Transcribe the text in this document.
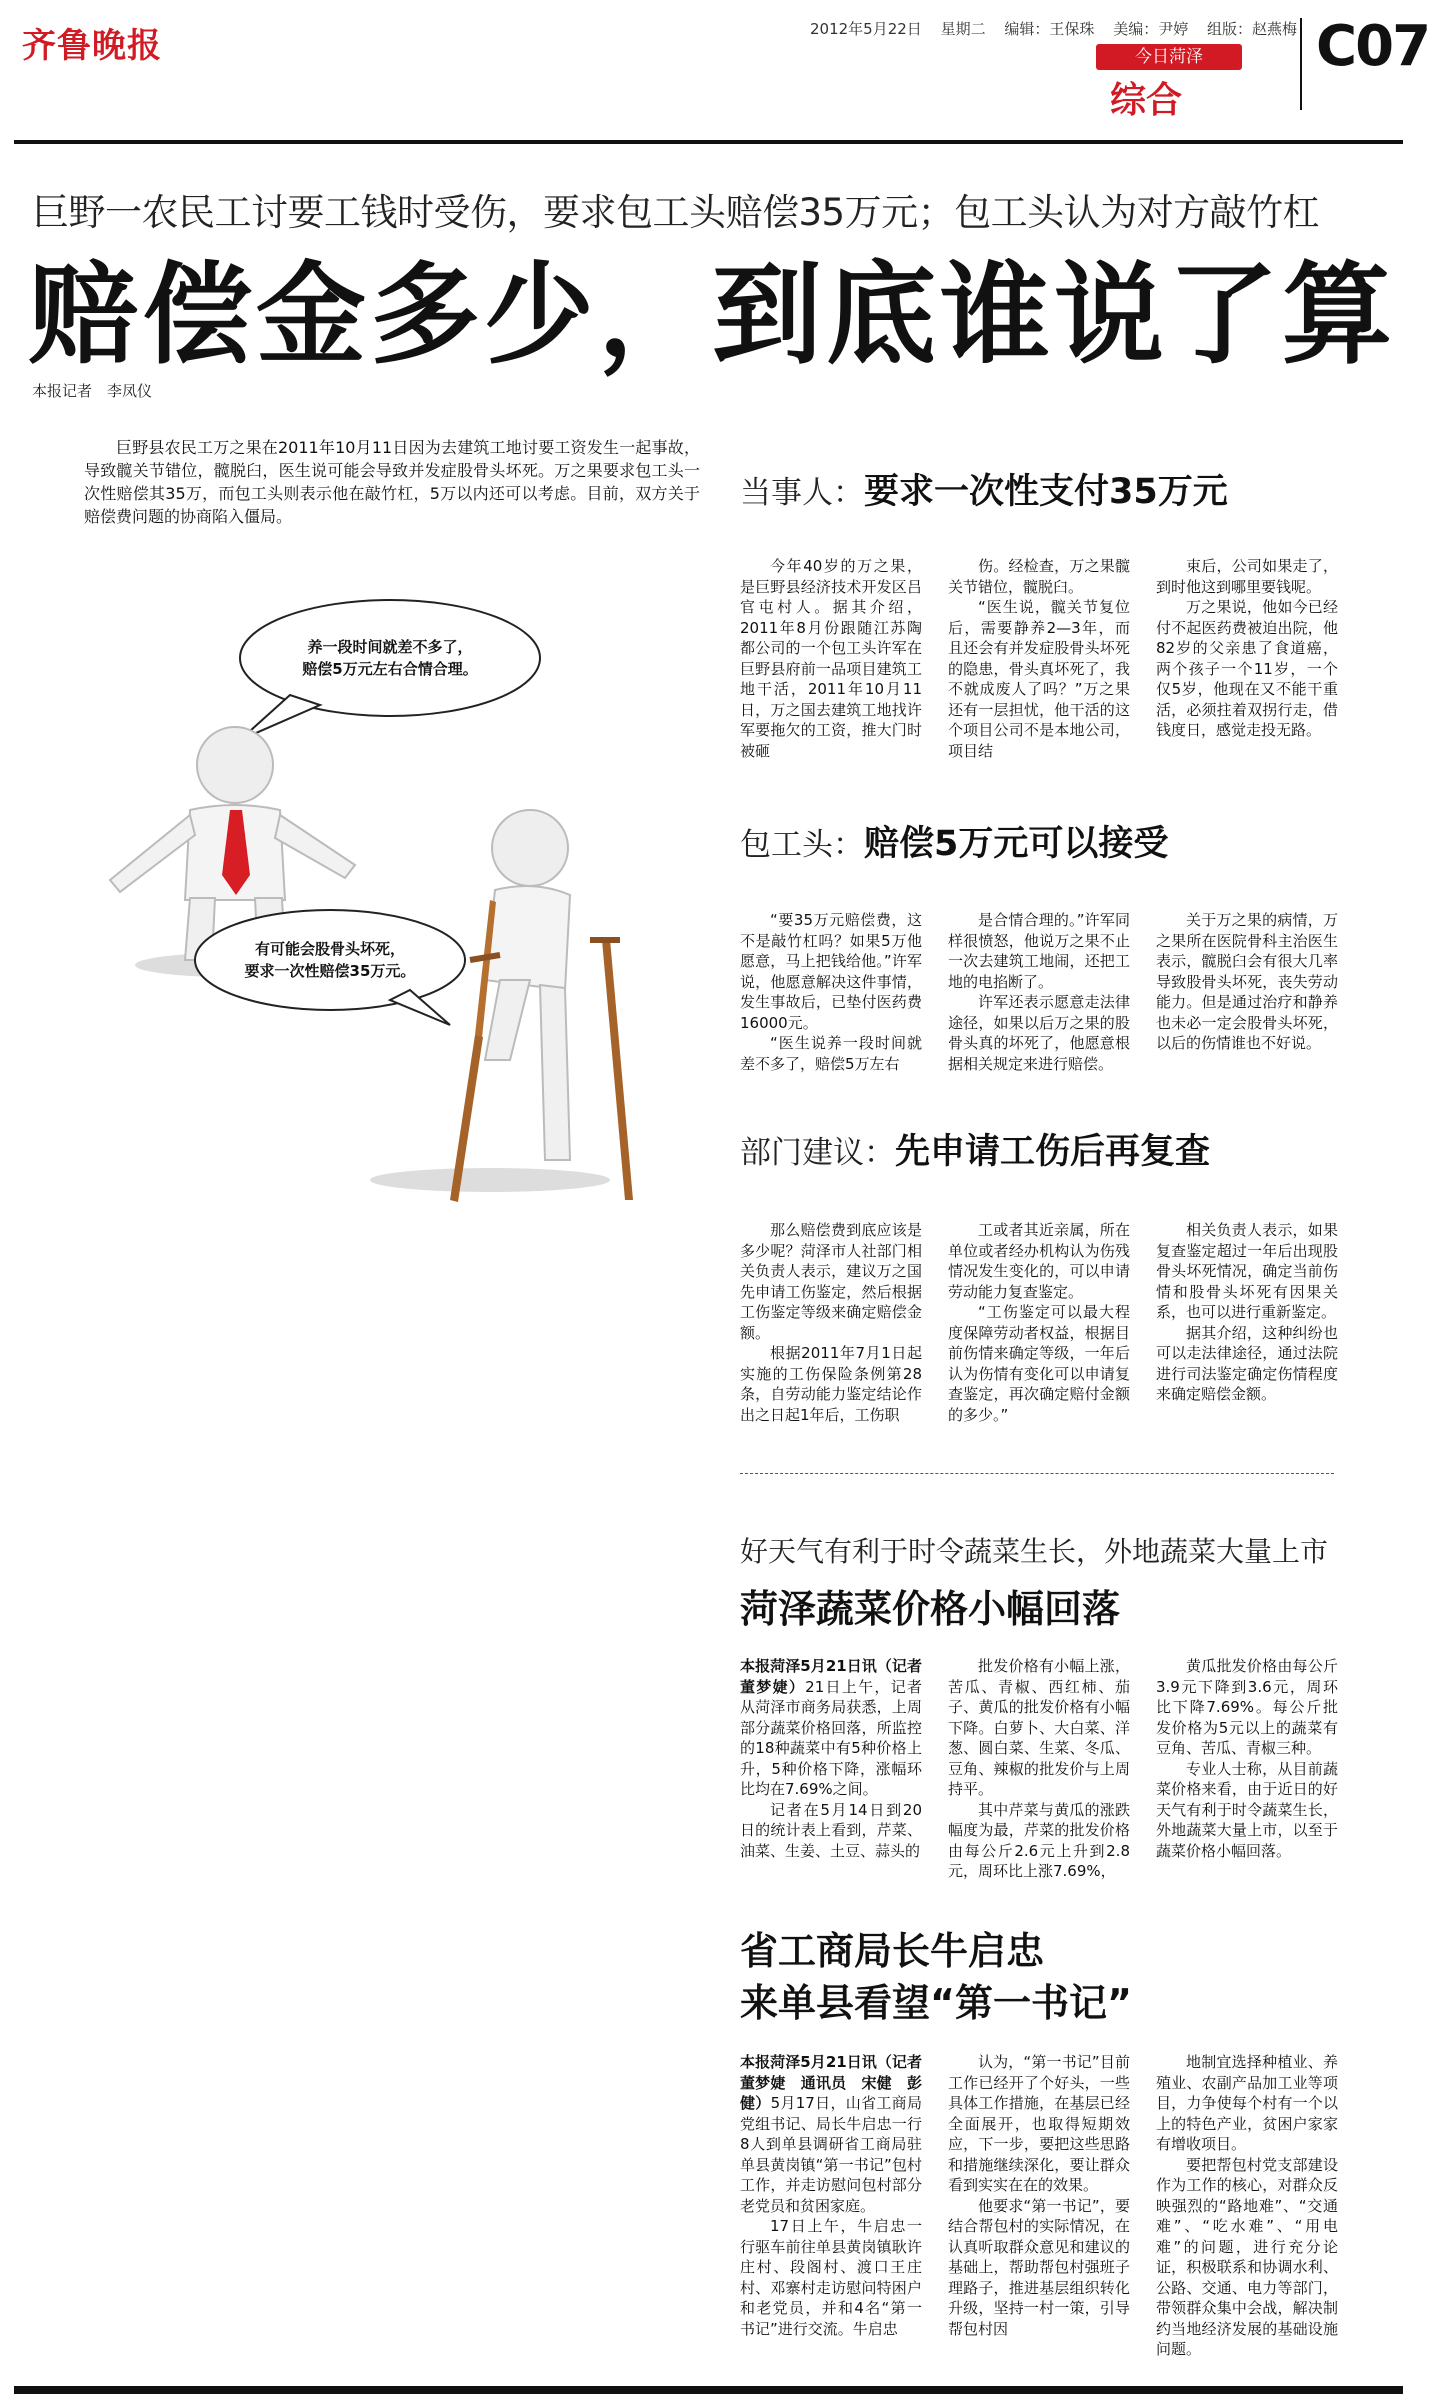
齐鲁晚报	2012年5月22日 星期二 编辑：王保珠 美编：尹婷 组版：赵燕梅
今日菏泽
综合
C07
巨野一农民工讨要工钱时受伤，要求包工头赔偿35万元；包工头认为对方敲竹杠
赔偿金多少，到底谁说了算
本报记者　李凤仪
巨野县农民工万之果在2011年10月11日因为去建筑工地讨要工资发生一起事故，导致髋关节错位，髋脱臼，医生说可能会导致并发症股骨头坏死。万之果要求包工头一次性赔偿其35万，而包工头则表示他在敲竹杠，5万以内还可以考虑。目前，双方关于赔偿费问题的协商陷入僵局。
养一段时间就差不多了，
赔偿5万元左右合情合理。
有可能会股骨头坏死，
要求一次性赔偿35万元。
当事人：要求一次性支付35万元

今年40岁的万之果，是巨野县经济技术开发区吕官屯村人。据其介绍，2011年8月份跟随江苏陶都公司的一个包工头许军在巨野县府前一品项目建筑工地干活，2011年10月11日，万之国去建筑工地找许军要拖欠的工资，推大门时被砸

伤。经检查，万之果髋关节错位，髋脱臼。

“医生说，髋关节复位后，需要静养2—3年，而且还会有并发症股骨头坏死的隐患，骨头真坏死了，我不就成废人了吗？”万之果还有一层担忧，他干活的这个项目公司不是本地公司，项目结

束后，公司如果走了，到时他这到哪里要钱呢。

万之果说，他如今已经付不起医药费被迫出院，他82岁的父亲患了食道癌，两个孩子一个11岁，一个仅5岁，他现在又不能干重活，必须拄着双拐行走，借钱度日，感觉走投无路。

包工头：赔偿5万元可以接受

“要35万元赔偿费，这不是敲竹杠吗？如果5万他愿意，马上把钱给他。”许军说，他愿意解决这件事情，发生事故后，已垫付医药费16000元。

“医生说养一段时间就差不多了，赔偿5万左右

是合情合理的。”许军同样很愤怒，他说万之果不止一次去建筑工地闹，还把工地的电掐断了。

许军还表示愿意走法律途径，如果以后万之果的股骨头真的坏死了，他愿意根据相关规定来进行赔偿。

关于万之果的病情，万之果所在医院骨科主治医生表示，髋脱臼会有很大几率导致股骨头坏死，丧失劳动能力。但是通过治疗和静养也未必一定会股骨头坏死，以后的伤情谁也不好说。

部门建议：先申请工伤后再复查

那么赔偿费到底应该是多少呢？菏泽市人社部门相关负责人表示，建议万之国先申请工伤鉴定，然后根据工伤鉴定等级来确定赔偿金额。

根据2011年7月1日起实施的工伤保险条例第28条，自劳动能力鉴定结论作出之日起1年后，工伤职

工或者其近亲属，所在单位或者经办机构认为伤残情况发生变化的，可以申请劳动能力复查鉴定。

“工伤鉴定可以最大程度保障劳动者权益，根据目前伤情来确定等级，一年后认为伤情有变化可以申请复查鉴定，再次确定赔付金额的多少。”

相关负责人表示，如果复查鉴定超过一年后出现股骨头坏死情况，确定当前伤情和股骨头坏死有因果关系，也可以进行重新鉴定。

据其介绍，这种纠纷也可以走法律途径，通过法院进行司法鉴定确定伤情程度来确定赔偿金额。

好天气有利于时令蔬菜生长，外地蔬菜大量上市
菏泽蔬菜价格小幅回落
本报菏泽5月21日讯（记者　董梦婕）21日上午，记者从菏泽市商务局获悉，上周部分蔬菜价格回落，所监控的18种蔬菜中有5种价格上升，5种价格下降，涨幅环比均在7.69%之间。

记者在5月14日到20日的统计表上看到，芹菜、油菜、生姜、土豆、蒜头的

批发价格有小幅上涨，苦瓜、青椒、西红柿、茄子、黄瓜的批发价格有小幅下降。白萝卜、大白菜、洋葱、圆白菜、生菜、冬瓜、豆角、辣椒的批发价与上周持平。

其中芹菜与黄瓜的涨跌幅度为最，芹菜的批发价格由每公斤2.6元上升到2.8元，周环比上涨7.69%，

黄瓜批发价格由每公斤3.9元下降到3.6元，周环比下降7.69%。每公斤批发价格为5元以上的蔬菜有豆角、苦瓜、青椒三种。

专业人士称，从目前蔬菜价格来看，由于近日的好天气有利于时令蔬菜生长，外地蔬菜大量上市，以至于蔬菜价格小幅回落。

省工商局长牛启忠
来单县看望“第一书记”
本报菏泽5月21日讯（记者　董梦婕　通讯员　宋健　彭健）5月17日，山省工商局党组书记、局长牛启忠一行8人到单县调研省工商局驻单县黄岗镇“第一书记”包村工作，并走访慰问包村部分老党员和贫困家庭。

17日上午，牛启忠一行驱车前往单县黄岗镇耿许庄村、段阁村、渡口王庄村、邓寨村走访慰问特困户和老党员，并和4名“第一书记”进行交流。牛启忠

认为，“第一书记”目前工作已经开了个好头，一些具体工作措施，在基层已经全面展开，也取得短期效应，下一步，要把这些思路和措施继续深化，要让群众看到实实在在的效果。

他要求“第一书记”，要结合帮包村的实际情况，在认真听取群众意见和建议的基础上，帮助帮包村强班子理路子，推进基层组织转化升级，坚持一村一策，引导帮包村因

地制宜选择种植业、养殖业、农副产品加工业等项目，力争使每个村有一个以上的特色产业，贫困户家家有增收项目。

要把帮包村党支部建设作为工作的核心，对群众反映强烈的“路地难”、“交通难”、“吃水难”、“用电难”的问题，进行充分论证，积极联系和协调水利、公路、交通、电力等部门，带领群众集中会战，解决制约当地经济发展的基础设施问题。
